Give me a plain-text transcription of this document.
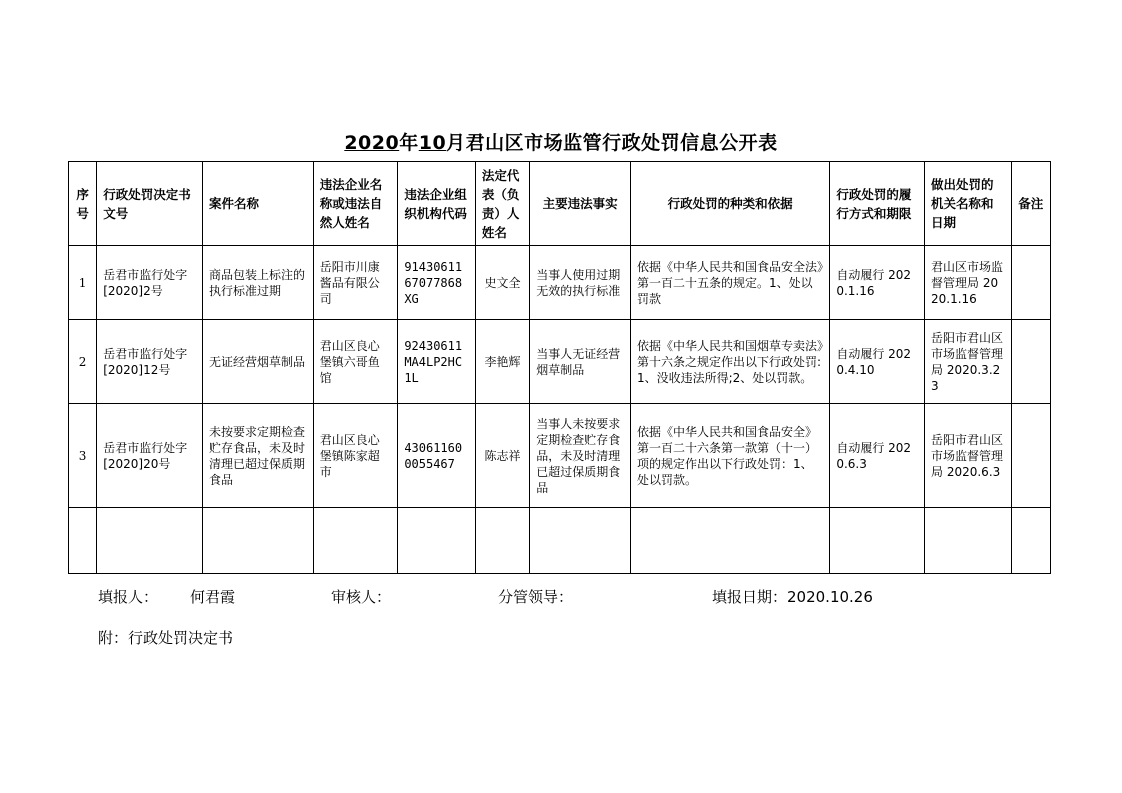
2020年10月君山区市场监管行政处罚信息公开表
序号	行政处罚决定书文号	案件名称	违法企业名称或违法自然人姓名	违法企业组织机构代码	法定代表（负责）人姓名	主要违法事实	行政处罚的种类和依据	行政处罚的履行方式和期限	做出处罚的机关名称和日期	备注
1	岳君市监行处字[2020]2号	商品包装上标注的执行标准过期	岳阳市川康酱品有限公司	91430611 67077868 XG	史文全	当事人使用过期无效的执行标准	依据《中华人民共和国食品安全法》第一百二十五条的规定。1、处以罚款	自动履行 2020.1.16	君山区市场监督管理局 2020.1.16	
2	岳君市监行处字[2020]12号	无证经营烟草制品	君山区良心堡镇六哥鱼馆	92430611 MA4LP2HC 1L	李艳辉	当事人无证经营烟草制品	依据《中华人民共和国烟草专卖法》第十六条之规定作出以下行政处罚:1、没收违法所得;2、处以罚款。	自动履行 2020.4.10	岳阳市君山区市场监督管理局 2020.3.23	
3	岳君市监行处字[2020]20号	未按要求定期检查贮存食品，未及时清理已超过保质期食品	君山区良心堡镇陈家超市	43061160 0055467	陈志祥	当事人未按要求定期检查贮存食品，未及时清理已超过保质期食品	依据《中华人民共和国食品安全》第一百二十六条第一款第（十一）项的规定作出以下行政处罚：1、处以罚款。	自动履行 2020.6.3	岳阳市君山区市场监督管理局 2020.6.3	

填报人： 何君霞	审核人：	分管领导：	填报日期：2020.10.26
附：行政处罚决定书
